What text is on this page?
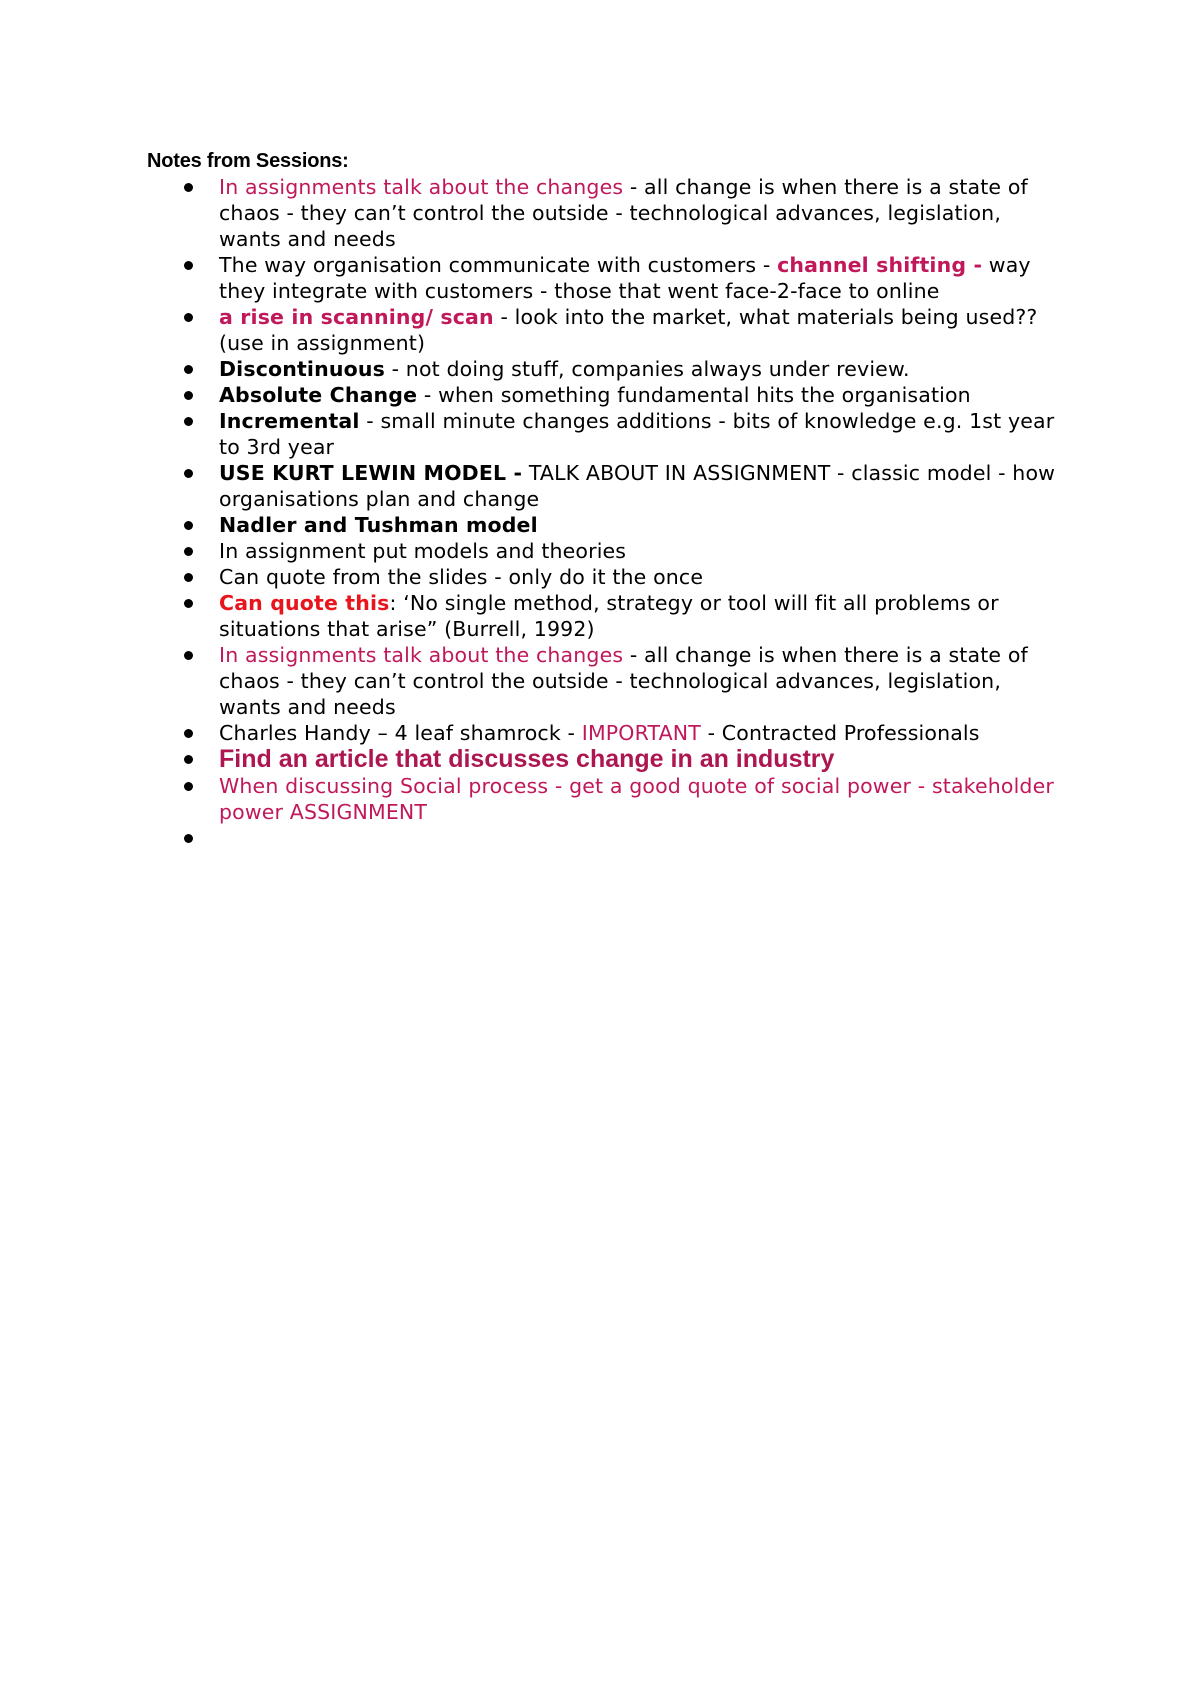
Notes from Sessions:
In assignments talk about the changes - all change is when there is a state of chaos - they can’t control the outside - technological advances, legislation, wants and needs
The way organisation communicate with customers - channel shifting - way they integrate with customers - those that went face-2-face to online
a rise in scanning/ scan - look into the market, what materials being used?? (use in assignment)
Discontinuous - not doing stuff, companies always under review.
Absolute Change - when something fundamental hits the organisation
Incremental - small minute changes additions - bits of knowledge e.g. 1st year to 3rd year
USE KURT LEWIN MODEL - TALK ABOUT IN ASSIGNMENT - classic model - how organisations plan and change
Nadler and Tushman model
In assignment put models and theories
Can quote from the slides - only do it the once
Can quote this: ‘No single method, strategy or tool will fit all problems or situations that arise” (Burrell, 1992)
In assignments talk about the changes - all change is when there is a state of chaos - they can’t control the outside - technological advances, legislation, wants and needs
Charles Handy – 4 leaf shamrock - IMPORTANT - Contracted Professionals
Find an article that discusses change in an industry
When discussing Social process - get a good quote of social power - stakeholder power ASSIGNMENT
